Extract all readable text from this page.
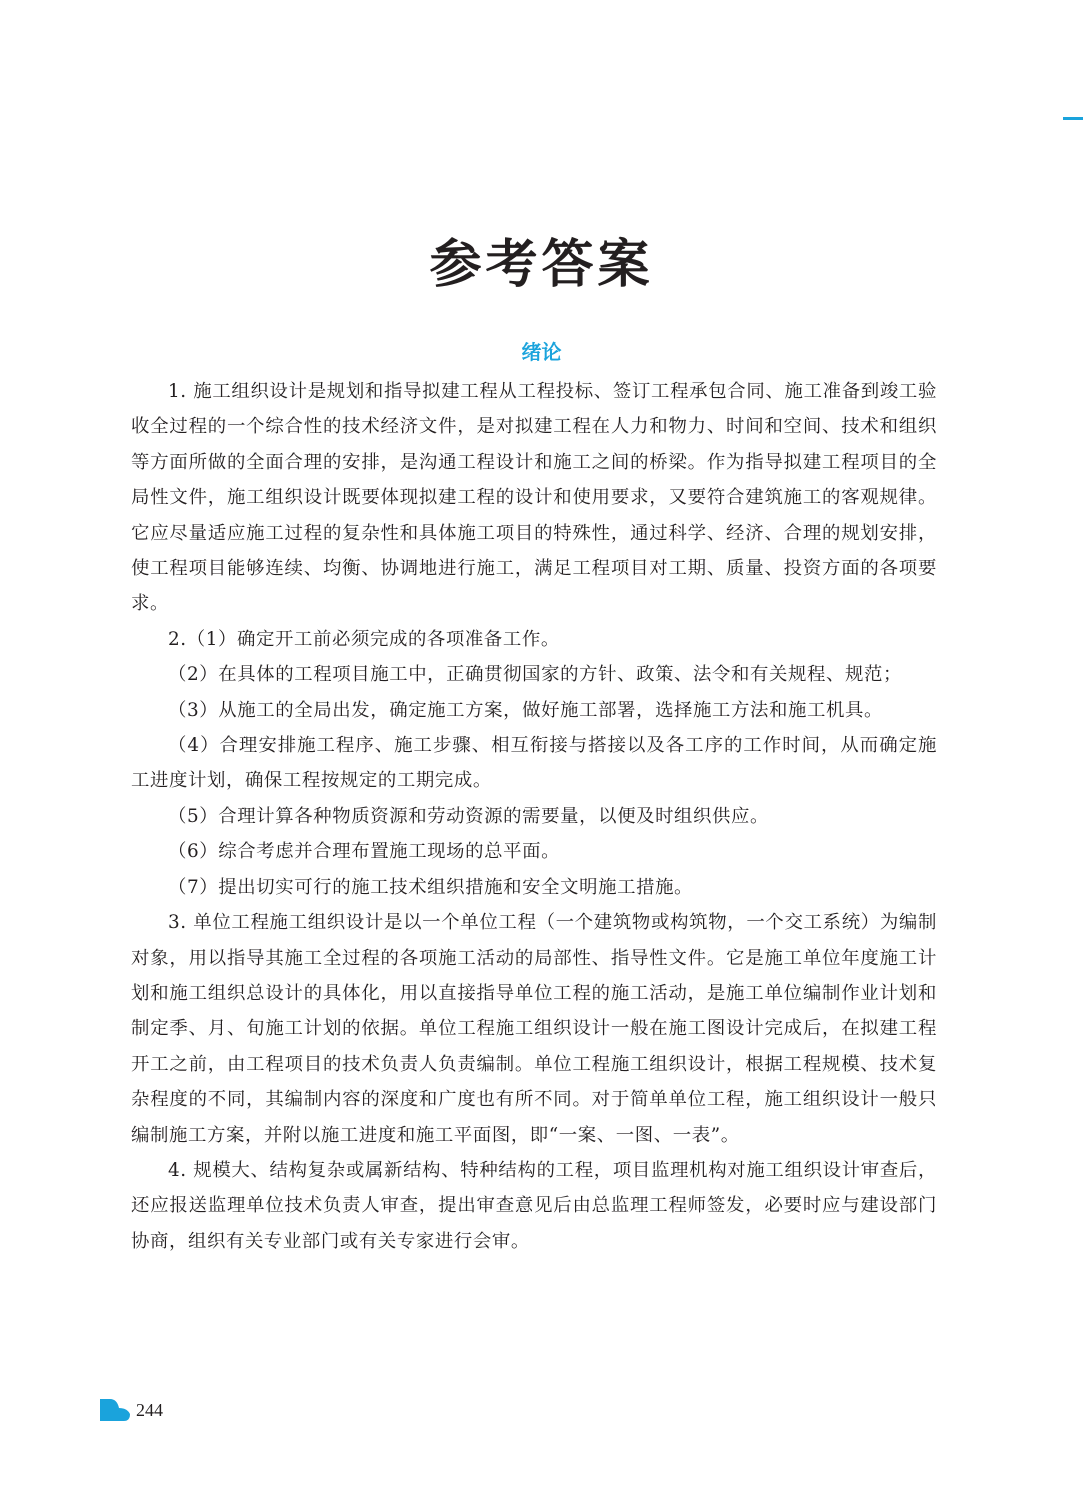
参考答案
绪论

1. 施工组织设计是规划和指导拟建工程从工程投标、签订工程承包合同、施工准备到竣工验收全过程的一个综合性的技术经济文件，是对拟建工程在人力和物力、时间和空间、技术和组织等方面所做的全面合理的安排，是沟通工程设计和施工之间的桥梁。作为指导拟建工程项目的全局性文件，施工组织设计既要体现拟建工程的设计和使用要求，又要符合建筑施工的客观规律。它应尽量适应施工过程的复杂性和具体施工项目的特殊性，通过科学、经济、合理的规划安排，使工程项目能够连续、均衡、协调地进行施工，满足工程项目对工期、质量、投资方面的各项要求。

2.（1）确定开工前必须完成的各项准备工作。

（2）在具体的工程项目施工中，正确贯彻国家的方针、政策、法令和有关规程、规范；

（3）从施工的全局出发，确定施工方案，做好施工部署，选择施工方法和施工机具。

（4）合理安排施工程序、施工步骤、相互衔接与搭接以及各工序的工作时间，从而确定施工进度计划，确保工程按规定的工期完成。

（5）合理计算各种物质资源和劳动资源的需要量，以便及时组织供应。

（6）综合考虑并合理布置施工现场的总平面。

（7）提出切实可行的施工技术组织措施和安全文明施工措施。

3. 单位工程施工组织设计是以一个单位工程（一个建筑物或构筑物，一个交工系统）为编制对象，用以指导其施工全过程的各项施工活动的局部性、指导性文件。它是施工单位年度施工计划和施工组织总设计的具体化，用以直接指导单位工程的施工活动，是施工单位编制作业计划和制定季、月、旬施工计划的依据。单位工程施工组织设计一般在施工图设计完成后，在拟建工程开工之前，由工程项目的技术负责人负责编制。单位工程施工组织设计，根据工程规模、技术复杂程度的不同，其编制内容的深度和广度也有所不同。对于简单单位工程，施工组织设计一般只编制施工方案，并附以施工进度和施工平面图，即“一案、一图、一表”。

4. 规模大、结构复杂或属新结构、特种结构的工程，项目监理机构对施工组织设计审查后，还应报送监理单位技术负责人审查，提出审查意见后由总监理工程师签发，必要时应与建设部门协商，组织有关专业部门或有关专家进行会审。

244
